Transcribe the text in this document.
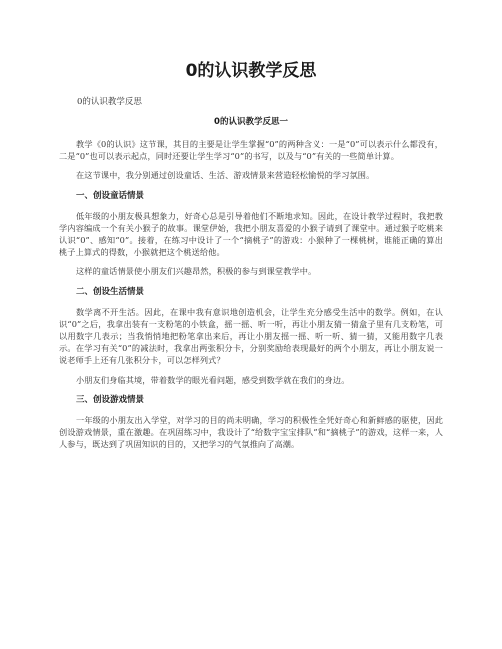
0的认识教学反思

0的认识教学反思

0的认识教学反思一

教学《0的认识》这节课，其目的主要是让学生掌握“0”的两种含义：一是“0”可以表示什么都没有，二是“0”也可以表示起点，同时还要让学生学习“0”的书写，以及与“0”有关的一些简单计算。

在这节课中，我分别通过创设童话、生活、游戏情景来营造轻松愉悦的学习氛围。

一、创设童话情景

低年级的小朋友极具想象力，好奇心总是引导着他们不断地求知。因此，在设计教学过程时，我把教学内容编成一个有关小猴子的故事。课堂伊始，我把小朋友喜爱的小猴子请到了课堂中。通过猴子吃桃来认识“0”、感知“0”。接着，在练习中设计了一个“摘桃子”的游戏：小猴种了一棵桃树，谁能正确的算出桃子上算式的得数，小猴就把这个桃送给他。

这样的童话情景使小朋友们兴趣昂然，积极的参与到课堂教学中。

二、创设生活情景

数学离不开生活。因此，在课中我有意识地创造机会，让学生充分感受生活中的数学。例如，在认识“0”之后，我拿出装有一支粉笔的小铁盒，摇一摇、听一听，再让小朋友猜一猜盒子里有几支粉笔，可以用数字几表示；当我悄悄地把粉笔拿出来后，再让小朋友摇一摇、听一听、猜一猜，又能用数字几表示。在学习有关“0”的减法时，我拿出两张积分卡，分别奖励给表现最好的两个小朋友，再让小朋友说一说老师手上还有几张积分卡，可以怎样列式？

小朋友们身临其境，带着数学的眼光看问题，感受到数学就在我们的身边。

三、创设游戏情景

一年级的小朋友出入学堂，对学习的目的尚未明确，学习的积极性全凭好奇心和新鲜感的驱使，因此创设游戏情景，重在激趣。在巩固练习中，我设计了“给数字宝宝排队”和“摘桃子”的游戏，这样一来，人人参与，既达到了巩固知识的目的，又把学习的气氛推向了高潮。
